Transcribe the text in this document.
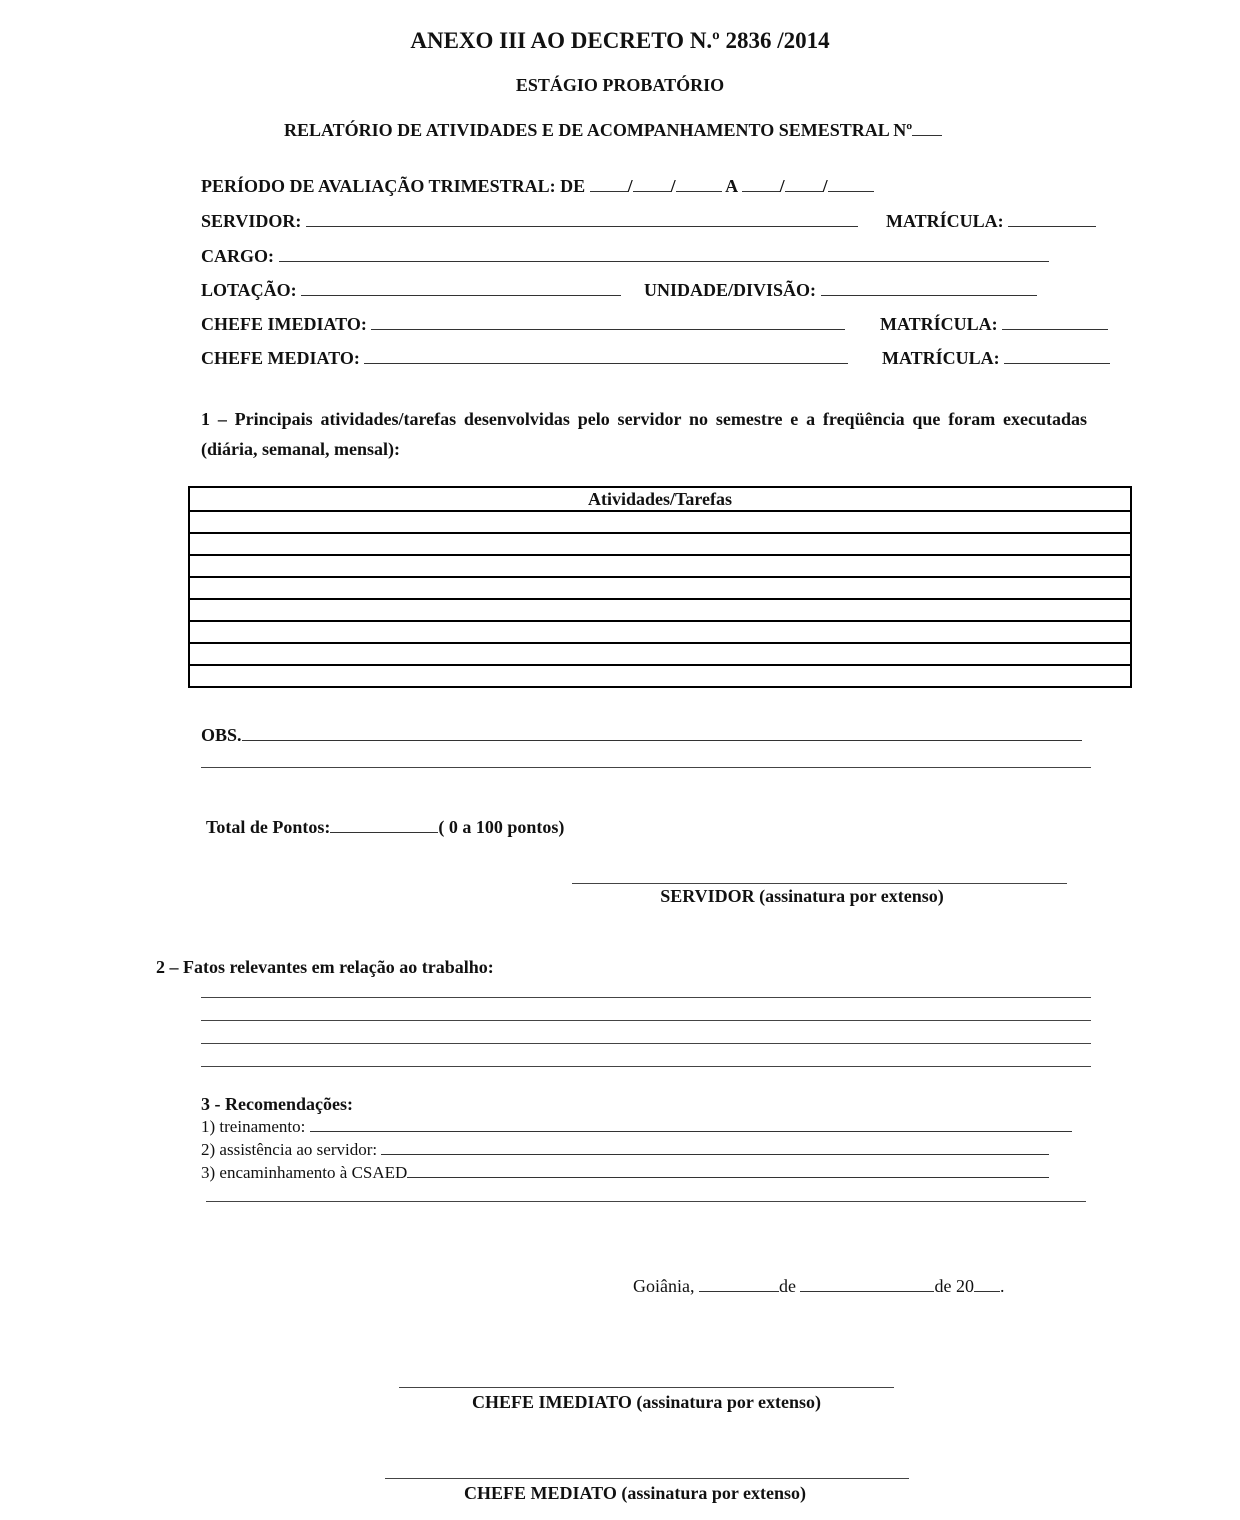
ANEXO III AO DECRETO N.º 2836 /2014
ESTÁGIO PROBATÓRIO
RELATÓRIO DE ATIVIDADES E DE ACOMPANHAMENTO SEMESTRAL Nº
PERÍODO DE AVALIAÇÃO TRIMESTRAL: DE / /	A / /
SERVIDOR:	MATRÍCULA:
CARGO:
LOTAÇÃO:	UNIDADE/DIVISÃO:
CHEFE IMEDIATO:	MATRÍCULA:
CHEFE MEDIATO:	MATRÍCULA:
1 – Principais atividades/tarefas desenvolvidas pelo servidor no semestre e a freqüência que foram executadas (diária, semanal, mensal):
Atividades/Tarefas

OBS.
Total de Pontos:	( 0 a 100 pontos)
SERVIDOR (assinatura por extenso)
2 – Fatos relevantes em relação ao trabalho:
3 - Recomendações:
1) treinamento:
2) assistência ao servidor:
3) encaminhamento à CSAED
Goiânia,	de	de 20 .
CHEFE IMEDIATO (assinatura por extenso)
CHEFE MEDIATO (assinatura por extenso)
